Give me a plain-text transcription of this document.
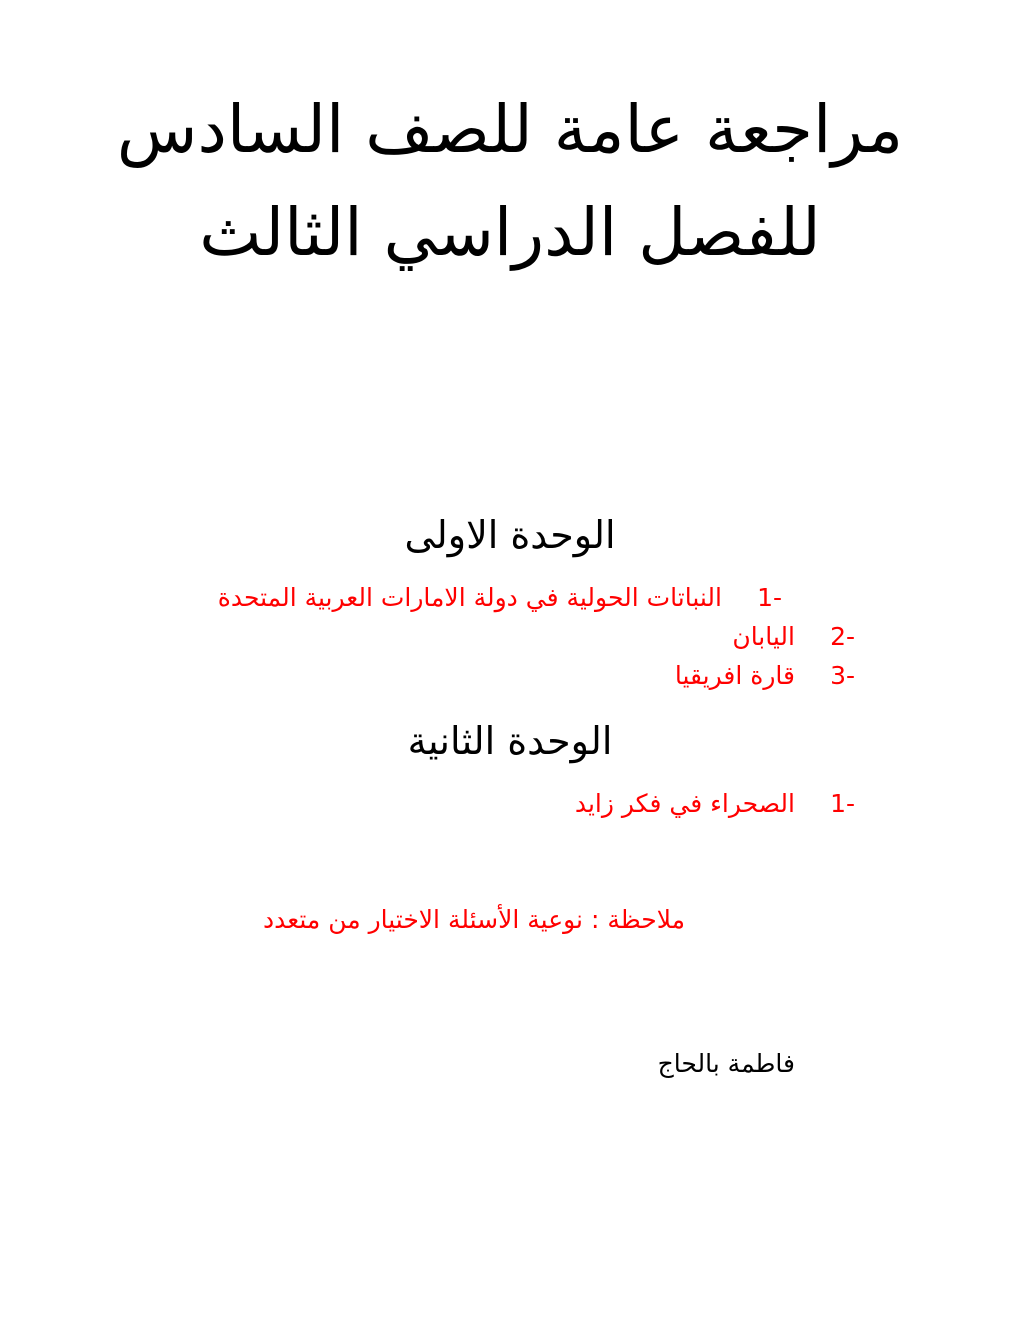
مراجعة عامة للصف السادس للفصل الدراسي الثالث
الوحدة الاولى
1-
النباتات الحولية في دولة الامارات العربية المتحدة
2-
اليابان
3-
قارة افريقيا
الوحدة الثانية
1-
الصحراء في فكر زايد
ملاحظة : نوعية الأسئلة الاختيار من متعدد
فاطمة بالحاج
